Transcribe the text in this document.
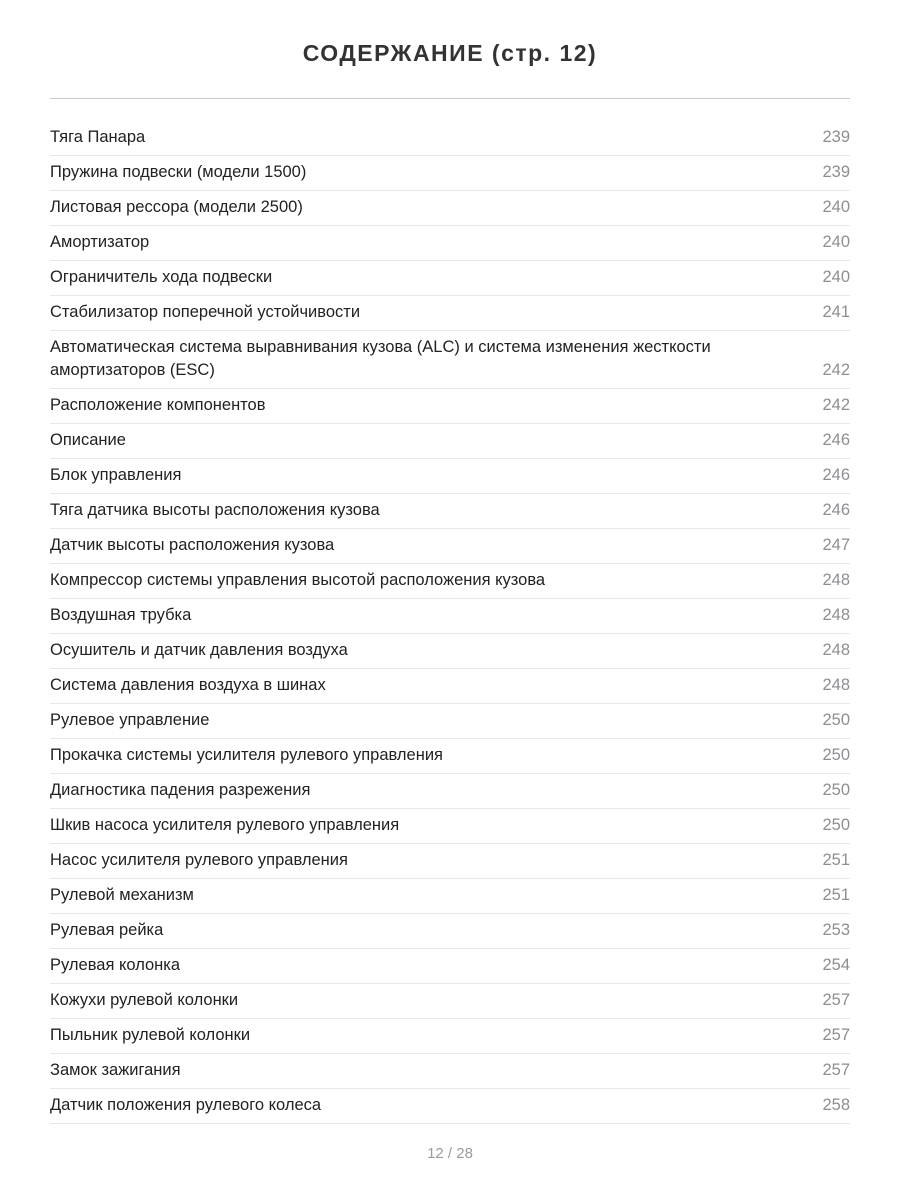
СОДЕРЖАНИЕ (стр. 12)
Тяга Панара	239
Пружина подвески (модели 1500)	239
Листовая рессора (модели 2500)	240
Амортизатор	240
Ограничитель хода подвески	240
Стабилизатор поперечной устойчивости	241
Автоматическая система выравнивания кузова (ALC) и система изменения жесткости амортизаторов (ESC)	242
Расположение компонентов	242
Описание	246
Блок управления	246
Тяга датчика высоты расположения кузова	246
Датчик высоты расположения кузова	247
Компрессор системы управления высотой расположения кузова	248
Воздушная трубка	248
Осушитель и датчик давления воздуха	248
Система давления воздуха в шинах	248
Рулевое управление	250
Прокачка системы усилителя рулевого управления	250
Диагностика падения разрежения	250
Шкив насоса усилителя рулевого управления	250
Насос усилителя рулевого управления	251
Рулевой механизм	251
Рулевая рейка	253
Рулевая колонка	254
Кожухи рулевой колонки	257
Пыльник рулевой колонки	257
Замок зажигания	257
Датчик положения рулевого колеса	258
12 / 28
